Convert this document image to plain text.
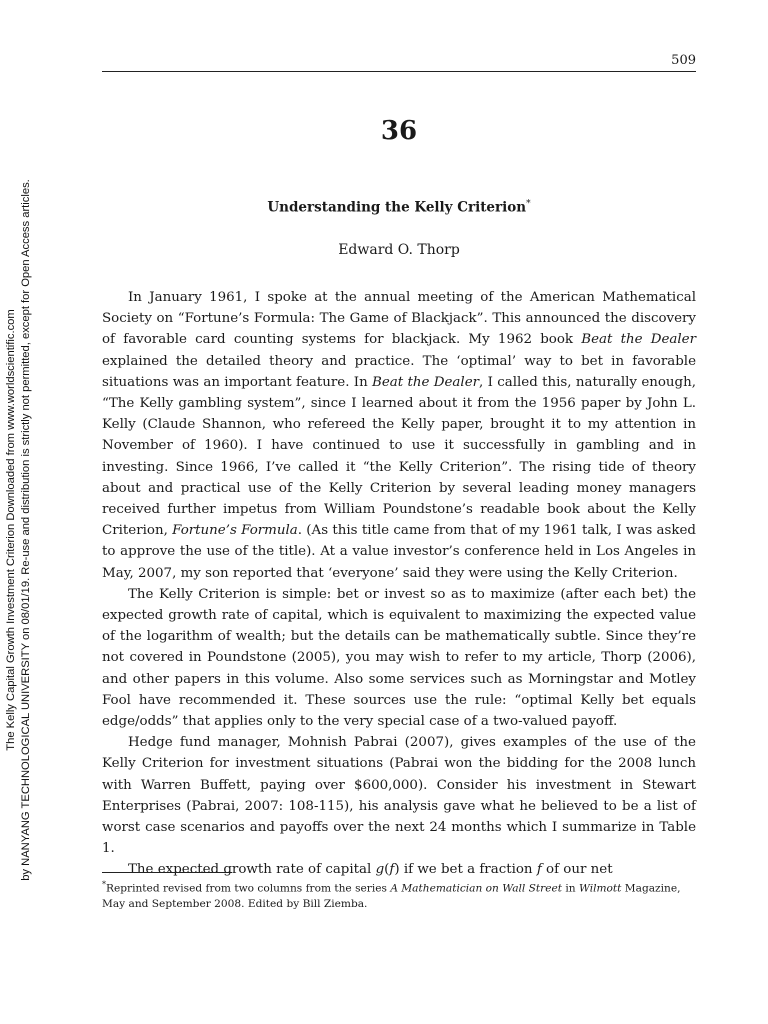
The Kelly Capital Growth Investment Criterion Downloaded from www.worldscientific.com by NANYANG TECHNOLOGICAL UNIVERSITY on 08/01/19. Re-use and distribution is strictly not permitted, except for Open Access articles.
509
36
Understanding the Kelly Criterion*
Edward O. Thorp

In January 1961, I spoke at the annual meeting of the American Mathematical Society on “Fortune’s Formula: The Game of Blackjack”. This announced the discovery of favorable card counting systems for blackjack. My 1962 book Beat the Dealer explained the detailed theory and practice. The ‘optimal’ way to bet in favorable situations was an important feature. In Beat the Dealer, I called this, naturally enough, “The Kelly gambling system”, since I learned about it from the 1956 paper by John L. Kelly (Claude Shannon, who refereed the Kelly paper, brought it to my attention in November of 1960). I have continued to use it successfully in gambling and in investing. Since 1966, I’ve called it “the Kelly Criterion”. The rising tide of theory about and practical use of the Kelly Criterion by several leading money managers received further impetus from William Poundstone’s readable book about the Kelly Criterion, Fortune’s Formula. (As this title came from that of my 1961 talk, I was asked to approve the use of the title). At a value investor’s conference held in Los Angeles in May, 2007, my son reported that ‘everyone’ said they were using the Kelly Criterion.

The Kelly Criterion is simple: bet or invest so as to maximize (after each bet) the expected growth rate of capital, which is equivalent to maximizing the expected value of the logarithm of wealth; but the details can be mathematically subtle. Since they’re not covered in Poundstone (2005), you may wish to refer to my article, Thorp (2006), and other papers in this volume. Also some services such as Morningstar and Motley Fool have recommended it. These sources use the rule: “optimal Kelly bet equals edge/odds” that applies only to the very special case of a two-valued payoff.

Hedge fund manager, Mohnish Pabrai (2007), gives examples of the use of the Kelly Criterion for investment situations (Pabrai won the bidding for the 2008 lunch with Warren Buffett, paying over $600,000). Consider his investment in Stewart Enterprises (Pabrai, 2007: 108-115), his analysis gave what he believed to be a list of worst case scenarios and payoffs over the next 24 months which I summarize in Table 1.

The expected growth rate of capital g(f) if we bet a fraction f of our net

*Reprinted revised from two columns from the series A Mathematician on Wall Street in Wilmott Magazine, May and September 2008. Edited by Bill Ziemba.
